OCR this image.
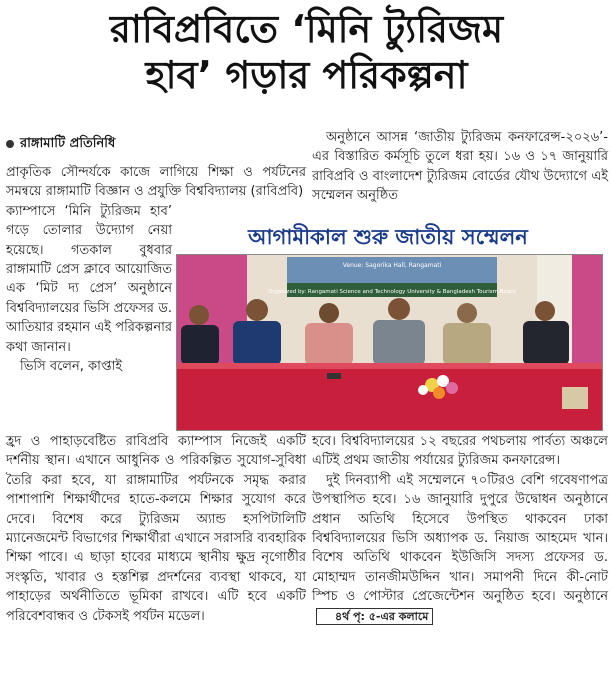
রাবিপ্রবিতে ‘মিনি ট্যুরিজম
হাব’ গড়ার পরিকল্পনা
রাঙ্গামাটি প্রতিনিধি

প্রাকৃতিক সৌন্দর্যকে কাজে লাগিয়ে শিক্ষা ও পর্যটনের সমন্বয়ে রাঙ্গামাটি বিজ্ঞান ও প্রযুক্তি বিশ্ববিদ্যালয় (রাবিপ্রবি)

ক্যাম্পাসে ‘মিনি ট্যুরিজম হাব’ গড়ে তোলার উদ্যোগ নেয়া হয়েছে। গতকাল বুধবার রাঙ্গামাটি প্রেস ক্লাবে আয়োজিত এক ‘মিট দ্য প্রেস’ অনুষ্ঠানে বিশ্ববিদ্যালয়ের ভিসি প্রফেসর ড. আতিয়ার রহমান এই পরিকল্পনার কথা জানান।

ভিসি বলেন, কাপ্তাই

অনুষ্ঠানে আসন্ন ‘জাতীয় ট্যুরিজম কনফারেন্স-২০২৬’-এর বিস্তারিত কর্মসূচি তুলে ধরা হয়। ১৬ ও ১৭ জানুয়ারি রাবিপ্রবি ও বাংলাদেশ ট্যুরিজম বোর্ডের যৌথ উদ্যোগে এই সম্মেলন অনুষ্ঠিত

আগামীকাল শুরু জাতীয় সম্মেলন
Venue: Sagorika Hall, Rangamati
Organized by: Rangamati Science and Technology University & Bangladesh Tourism Board

হ্রদ ও পাহাড়বেষ্টিত রাবিপ্রবি ক্যাম্পাস নিজেই একটি দর্শনীয় স্থান। এখানে আধুনিক ও পরিকল্পিত সুযোগ-সুবিধা তৈরি করা হবে, যা রাঙ্গামাটির পর্যটনকে সমৃদ্ধ করার পাশাপাশি শিক্ষার্থীদের হাতে-কলমে শিক্ষার সুযোগ করে দেবে। বিশেষ করে ট্যুরিজম অ্যান্ড হসপিটালিটি ম্যানেজমেন্ট বিভাগের শিক্ষার্থীরা এখানে সরাসরি ব্যবহারিক শিক্ষা পাবে। এ ছাড়া হাবের মাধ্যমে স্থানীয় ক্ষুদ্র নৃগোষ্ঠীর সংস্কৃতি, খাবার ও হস্তশিল্প প্রদর্শনের ব্যবস্থা থাকবে, যা পাহাড়ের অর্থনীতিতে ভূমিকা রাখবে। এটি হবে একটি পরিবেশবান্ধব ও টেকসই পর্যটন মডেল।

হবে। বিশ্ববিদ্যালয়ের ১২ বছরের পথচলায় পার্বত্য অঞ্চলে এটিই প্রথম জাতীয় পর্যায়ের ট্যুরিজম কনফারেন্স।

দুই দিনব্যাপী এই সম্মেলনে ৭০টিরও বেশি গবেষণাপত্র উপস্থাপিত হবে। ১৬ জানুয়ারি দুপুরে উদ্বোধন অনুষ্ঠানে প্রধান অতিথি হিসেবে উপস্থিত থাকবেন ঢাকা বিশ্ববিদ্যালয়ের ভিসি অধ্যাপক ড. নিয়াজ আহমেদ খান। বিশেষ অতিথি থাকবেন ইউজিসি সদস্য প্রফেসর ড. মোহাম্মদ তানজীমউদ্দিন খান। সমাপনী দিনে কী-নোট স্পিচ ও পোস্টার প্রেজেন্টেশন অনুষ্ঠিত হবে। অনুষ্ঠানে৪র্থ পৃ: ৫-এর কলামে
